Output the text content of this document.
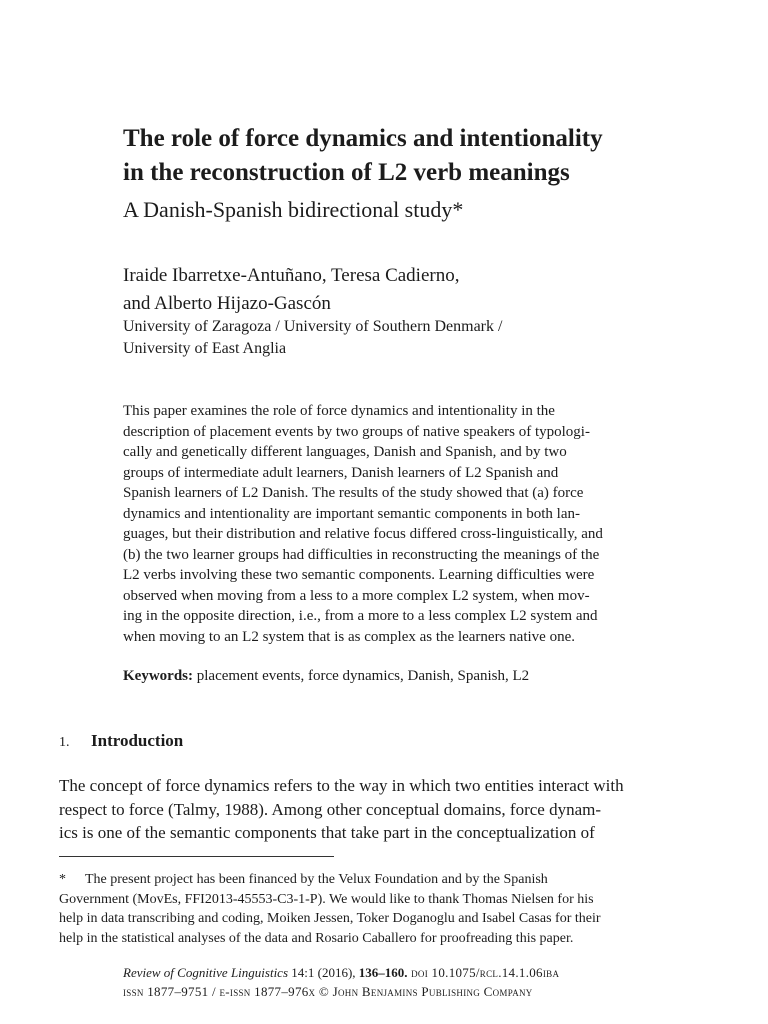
The role of force dynamics and intentionality
in the reconstruction of L2 verb meanings
A Danish-Spanish bidirectional study*
Iraide Ibarretxe-Antuñano, Teresa Cadierno,
and Alberto Hijazo-Gascón
University of Zaragoza / University of Southern Denmark /
University of East Anglia
This paper examines the role of force dynamics and intentionality in the
description of placement events by two groups of native speakers of typologi-
cally and genetically different languages, Danish and Spanish, and by two
groups of intermediate adult learners, Danish learners of L2 Spanish and
Spanish learners of L2 Danish. The results of the study showed that (a) force
dynamics and intentionality are important semantic components in both lan-
guages, but their distribution and relative focus differed cross-linguistically, and
(b) the two learner groups had difficulties in reconstructing the meanings of the
L2 verbs involving these two semantic components. Learning difficulties were
observed when moving from a less to a more complex L2 system, when mov-
ing in the opposite direction, i.e., from a more to a less complex L2 system and
when moving to an L2 system that is as complex as the learners native one.
Keywords: placement events, force dynamics, Danish, Spanish, L2
1. Introduction
The concept of force dynamics refers to the way in which two entities interact with
respect to force (Talmy, 1988). Among other conceptual domains, force dynam-
ics is one of the semantic components that take part in the conceptualization of
* The present project has been financed by the Velux Foundation and by the Spanish
Government (MovEs, FFI2013-45553-C3-1-P). We would like to thank Thomas Nielsen for his
help in data transcribing and coding, Moiken Jessen, Toker Doganoglu and Isabel Casas for their
help in the statistical analyses of the data and Rosario Caballero for proofreading this paper.
Review of Cognitive Linguistics 14:1 (2016), 136–160. doi 10.1075/rcl.14.1.06iba
issn 1877–9751 / e-issn 1877–976x © John Benjamins Publishing Company
